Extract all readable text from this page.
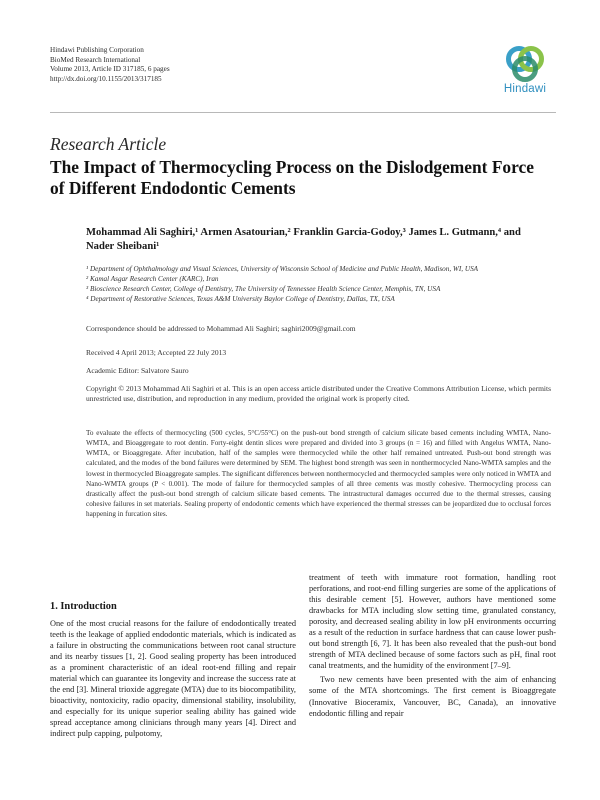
Hindawi Publishing Corporation
BioMed Research International
Volume 2013, Article ID 317185, 6 pages
http://dx.doi.org/10.1155/2013/317185
Hindawi
Research Article
The Impact of Thermocycling Process on the Dislodgement Force of Different Endodontic Cements
Mohammad Ali Saghiri,¹ Armen Asatourian,² Franklin Garcia-Godoy,³ James L. Gutmann,⁴ and Nader Sheibani¹
¹ Department of Ophthalmology and Visual Sciences, University of Wisconsin School of Medicine and Public Health, Madison, WI, USA
² Kamal Asgar Research Center (KARC), Iran
³ Bioscience Research Center, College of Dentistry, The University of Tennessee Health Science Center, Memphis, TN, USA
⁴ Department of Restorative Sciences, Texas A&M University Baylor College of Dentistry, Dallas, TX, USA
Correspondence should be addressed to Mohammad Ali Saghiri; saghiri2009@gmail.com
Received 4 April 2013; Accepted 22 July 2013
Academic Editor: Salvatore Sauro
Copyright © 2013 Mohammad Ali Saghiri et al. This is an open access article distributed under the Creative Commons Attribution License, which permits unrestricted use, distribution, and reproduction in any medium, provided the original work is properly cited.
To evaluate the effects of thermocycling (500 cycles, 5°C/55°C) on the push-out bond strength of calcium silicate based cements including WMTA, Nano-WMTA, and Bioaggregate to root dentin. Forty-eight dentin slices were prepared and divided into 3 groups (n = 16) and filled with Angelus WMTA, Nano-WMTA, or Bioaggregate. After incubation, half of the samples were thermocycled while the other half remained untreated. Push-out bond strength was calculated, and the modes of the bond failures were determined by SEM. The highest bond strength was seen in nonthermocycled Nano-WMTA samples and the lowest in thermocycled Bioaggregate samples. The significant differences between nonthermocycled and thermocycled samples were only noticed in WMTA and Nano-WMTA groups (P < 0.001). The mode of failure for thermocycled samples of all three cements was mostly cohesive. Thermocycling process can drastically affect the push-out bond strength of calcium silicate based cements. The intrastructural damages occurred due to the thermal stresses, causing cohesive failures in set materials. Sealing property of endodontic cements which have experienced the thermal stresses can be jeopardized due to occlusal forces happening in furcation sites.
1. Introduction
One of the most crucial reasons for the failure of endodontically treated teeth is the leakage of applied endodontic materials, which is indicated as a failure in obstructing the communications between root canal structure and its nearby tissues [1, 2]. Good sealing property has been introduced as a prominent characteristic of an ideal root-end filling and repair material which can guarantee its longevity and increase the success rate at the end [3]. Mineral trioxide aggregate (MTA) due to its biocompatibility, bioactivity, nontoxicity, radio opacity, dimensional stability, insolubility, and especially for its unique superior sealing ability has gained wide spread acceptance among clinicians through many years [4]. Direct and indirect pulp capping, pulpotomy,
treatment of teeth with immature root formation, handling root perforations, and root-end filling surgeries are some of the applications of this desirable cement [5]. However, authors have mentioned some drawbacks for MTA including slow setting time, granulated constancy, porosity, and decreased sealing ability in low pH environments occurring as a result of the reduction in surface hardness that can cause lower push-out bond strength [6, 7]. It has been also revealed that the push-out bond strength of MTA declined because of some factors such as pH, final root canal treatments, and the humidity of the environment [7–9].
Two new cements have been presented with the aim of enhancing some of the MTA shortcomings. The first cement is Bioaggregate (Innovative Bioceramix, Vancouver, BC, Canada), an innovative endodontic filling and repair
